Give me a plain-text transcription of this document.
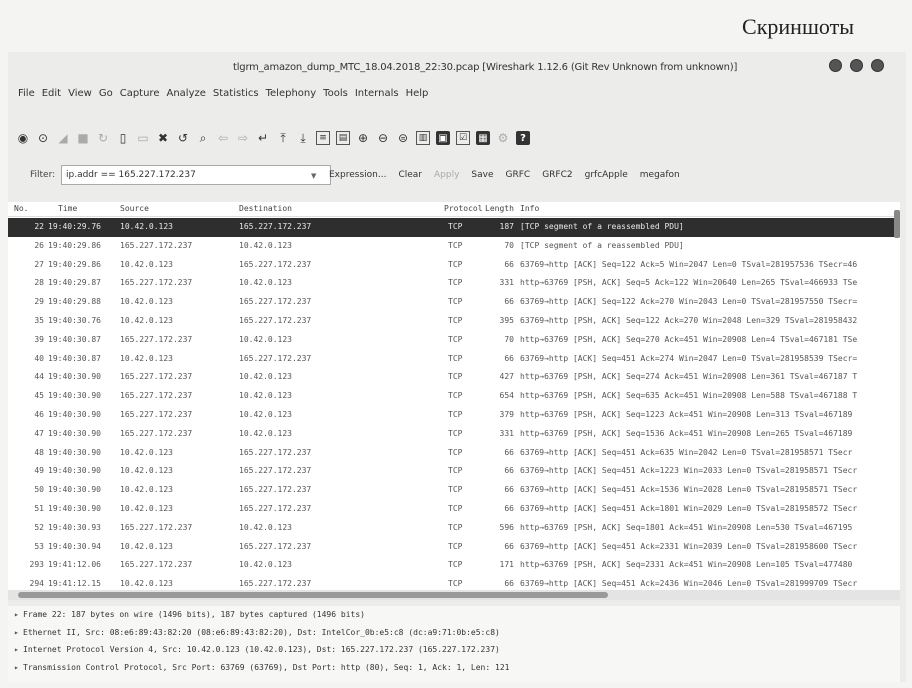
Скриншоты
tlgrm_amazon_dump_MTC_18.04.2018_22:30.pcap [Wireshark 1.12.6 (Git Rev Unknown from unknown)]
File Edit View Go Capture Analyze Statistics Telephony Tools Internals Help
◉ ⊙ ◢ ■ ↻ ▯ ▭ ✖ ↺ ⌕ ⇦ ⇨ ↵	⤒	⤓	≡	▤ ⊕ ⊖ ⊜	▥ ▣	☑ ▦ ⚙	?
Filter:
ip.addr == 165.227.172.237	▼ Expression... Clear Apply Save GRFC GRFC2 grfcApple megafon
No.	Time	Source	Destination	Protocol Length Info
22 19:40:29.76 10.42.0.123	165.227.172.237	TCP	187 [TCP segment of a reassembled PDU]
26 19:40:29.86 165.227.172.237	10.42.0.123	TCP	70 [TCP segment of a reassembled PDU]
27 19:40:29.86 10.42.0.123	165.227.172.237	TCP	66 63769→http [ACK] Seq=122 Ack=5 Win=2047 Len=0 TSval=281957536 TSecr=46
28 19:40:29.87 165.227.172.237	10.42.0.123	TCP	331 http→63769 [PSH, ACK] Seq=5 Ack=122 Win=20640 Len=265 TSval=466933 TSe
29 19:40:29.88 10.42.0.123	165.227.172.237	TCP	66 63769→http [ACK] Seq=122 Ack=270 Win=2043 Len=0 TSval=281957550 TSecr=
35 19:40:30.76 10.42.0.123	165.227.172.237	TCP	395 63769→http [PSH, ACK] Seq=122 Ack=270 Win=2048 Len=329 TSval=281958432
39 19:40:30.87 165.227.172.237	10.42.0.123	TCP	70 http→63769 [PSH, ACK] Seq=270 Ack=451 Win=20908 Len=4 TSval=467181 TSe
40 19:40:30.87 10.42.0.123	165.227.172.237	TCP	66 63769→http [ACK] Seq=451 Ack=274 Win=2047 Len=0 TSval=281958539 TSecr=
44 19:40:30.90 165.227.172.237	10.42.0.123	TCP	427 http→63769 [PSH, ACK] Seq=274 Ack=451 Win=20908 Len=361 TSval=467187 T
45 19:40:30.90 165.227.172.237	10.42.0.123	TCP	654 http→63769 [PSH, ACK] Seq=635 Ack=451 Win=20908 Len=588 TSval=467188 T
46 19:40:30.90 165.227.172.237	10.42.0.123	TCP	379 http→63769 [PSH, ACK] Seq=1223 Ack=451 Win=20908 Len=313 TSval=467189
47 19:40:30.90 165.227.172.237	10.42.0.123	TCP	331 http→63769 [PSH, ACK] Seq=1536 Ack=451 Win=20908 Len=265 TSval=467189
48 19:40:30.90 10.42.0.123	165.227.172.237	TCP	66 63769→http [ACK] Seq=451 Ack=635 Win=2042 Len=0 TSval=281958571 TSecr
49 19:40:30.90 10.42.0.123	165.227.172.237	TCP	66 63769→http [ACK] Seq=451 Ack=1223 Win=2033 Len=0 TSval=281958571 TSecr
50 19:40:30.90 10.42.0.123	165.227.172.237	TCP	66 63769→http [ACK] Seq=451 Ack=1536 Win=2028 Len=0 TSval=281958571 TSecr
51 19:40:30.90 10.42.0.123	165.227.172.237	TCP	66 63769→http [ACK] Seq=451 Ack=1801 Win=2029 Len=0 TSval=281958572 TSecr
52 19:40:30.93 165.227.172.237	10.42.0.123	TCP	596 http→63769 [PSH, ACK] Seq=1801 Ack=451 Win=20908 Len=530 TSval=467195
53 19:40:30.94 10.42.0.123	165.227.172.237	TCP	66 63769→http [ACK] Seq=451 Ack=2331 Win=2039 Len=0 TSval=281958600 TSecr
293 19:41:12.06 165.227.172.237	10.42.0.123	TCP	171 http→63769 [PSH, ACK] Seq=2331 Ack=451 Win=20908 Len=105 TSval=477480
294 19:41:12.15 10.42.0.123	165.227.172.237	TCP	66 63769→http [ACK] Seq=451 Ack=2436 Win=2046 Len=0 TSval=281999709 TSecr
▸ Frame 22: 187 bytes on wire (1496 bits), 187 bytes captured (1496 bits)
▸ Ethernet II, Src: 08:e6:89:43:82:20 (08:e6:89:43:82:20), Dst: IntelCor_0b:e5:c8 (dc:a9:71:0b:e5:c8)
▸ Internet Protocol Version 4, Src: 10.42.0.123 (10.42.0.123), Dst: 165.227.172.237 (165.227.172.237)
▸ Transmission Control Protocol, Src Port: 63769 (63769), Dst Port: http (80), Seq: 1, Ack: 1, Len: 121
